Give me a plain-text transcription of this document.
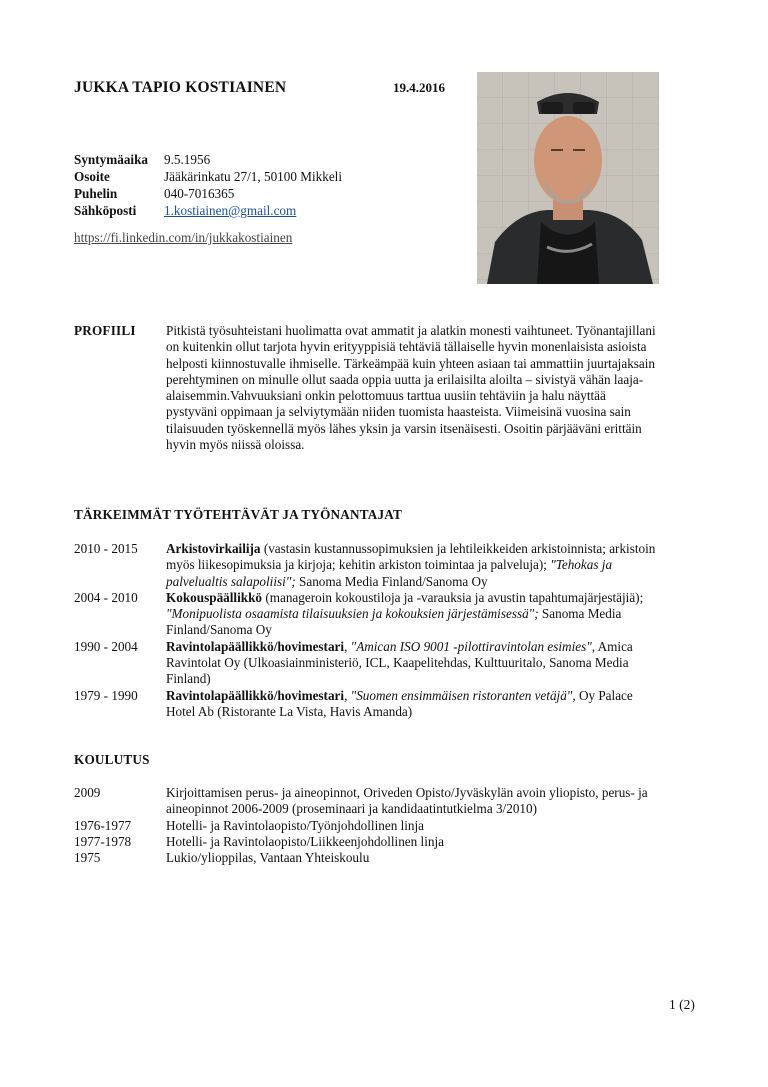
JUKKA TAPIO KOSTIAINEN	19.4.2016
Syntymäaika	9.5.1956
Osoite	Jääkärinkatu 27/1, 50100 Mikkeli
Puhelin	040-7016365
Sähköposti	1.kostiainen@gmail.com
https://fi.linkedin.com/in/jukkakostiainen
PROFIILI Pitkistä työsuhteistani huolimatta ovat ammatit ja alatkin monesti vaihtuneet. Työnantajillani on kuitenkin ollut tarjota hyvin erityyppisiä tehtäviä tällaiselle hyvin monenlaisista asioista helposti kiinnostuvalle ihmiselle. Tärkeämpää kuin yhteen asiaan tai ammattiin juurtajaksain perehtyminen on minulle ollut saada oppia uutta ja erilaisilta aloilta – sivistyä vähän laaja-alaisemmin.Vahvuuksiani onkin pelottomuus tarttua uusiin tehtäviin ja halu näyttää pystyväni oppimaan ja selviytymään niiden tuomista haasteista. Viimeisinä vuosina sain tilaisuuden työskennellä myös lähes yksin ja varsin itsenäisesti. Osoitin pärjääväni erittäin hyvin myös niissä oloissa.
TÄRKEIMMÄT TYÖTEHTÄVÄT JA TYÖNANTAJAT
2010 - 2015	Arkistovirkailija (vastasin kustannussopimuksien ja lehtileikkeiden arkistoinnista; arkistoin myös liikesopimuksia ja kirjoja; kehitin arkiston toimintaa ja palveluja); "Tehokas ja palvelualtis salapoliisi"; Sanoma Media Finland/Sanoma Oy
2004 - 2010	Kokouspäällikkö (manageroin kokoustiloja ja -varauksia ja avustin tapahtumajärjestäjiä); "Monipuolista osaamista tilaisuuksien ja kokouksien järjestämisessä"; Sanoma Media Finland/Sanoma Oy
1990 - 2004	Ravintolapäällikkö/hovimestari, "Amican ISO 9001 -pilottiravintolan esimies", Amica Ravintolat Oy (Ulkoasiainministeriö, ICL, Kaapelitehdas, Kulttuuritalo, Sanoma Media Finland)
1979 - 1990	Ravintolapäällikkö/hovimestari, "Suomen ensimmäisen ristoranten vetäjä", Oy Palace Hotel Ab (Ristorante La Vista, Havis Amanda)
KOULUTUS
2009	Kirjoittamisen perus- ja aineopinnot, Oriveden Opisto/Jyväskylän avoin yliopisto, perus- ja aineopinnot 2006-2009 (proseminaari ja kandidaatintutkielma 3/2010)
1976-1977	Hotelli- ja Ravintolaopisto/Työnjohdollinen linja
1977-1978	Hotelli- ja Ravintolaopisto/Liikkeenjohdollinen linja
1975	Lukio/ylioppilas, Vantaan Yhteiskoulu
1 (2)
